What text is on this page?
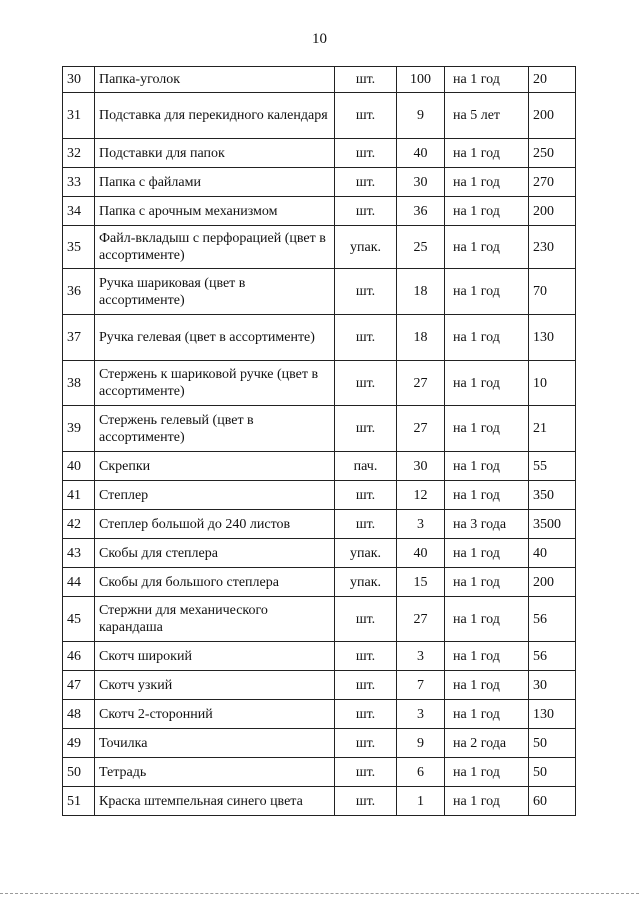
10
30	Папка-уголок	шт.	100	на 1 год	20
31	Подставка для перекидного календаря	шт.	9	на 5 лет	200
32	Подставки для папок	шт.	40	на 1 год	250
33	Папка с файлами	шт.	30	на 1 год	270
34	Папка с арочным механизмом	шт.	36	на 1 год	200
35	Файл-вкладыш с перфорацией (цвет в ассортименте)	упак.	25	на 1 год	230
36	Ручка шариковая (цвет в ассортименте)	шт.	18	на 1 год	70
37	Ручка гелевая (цвет в ассортименте)	шт.	18	на 1 год	130
38	Стержень к шариковой ручке (цвет в ассортименте)	шт.	27	на 1 год	10
39	Стержень гелевый (цвет в ассортименте)	шт.	27	на 1 год	21
40	Скрепки	пач.	30	на 1 год	55
41	Степлер	шт.	12	на 1 год	350
42	Степлер большой до 240 листов	шт.	3	на 3 года	3500
43	Скобы для степлера	упак.	40	на 1 год	40
44	Скобы для большого степлера	упак.	15	на 1 год	200
45	Стержни для механического карандаша	шт.	27	на 1 год	56
46	Скотч широкий	шт.	3	на 1 год	56
47	Скотч узкий	шт.	7	на 1 год	30
48	Скотч 2-сторонний	шт.	3	на 1 год	130
49	Точилка	шт.	9	на 2 года	50
50	Тетрадь	шт.	6	на 1 год	50
51	Краска штемпельная синего цвета	шт.	1	на 1 год	60
